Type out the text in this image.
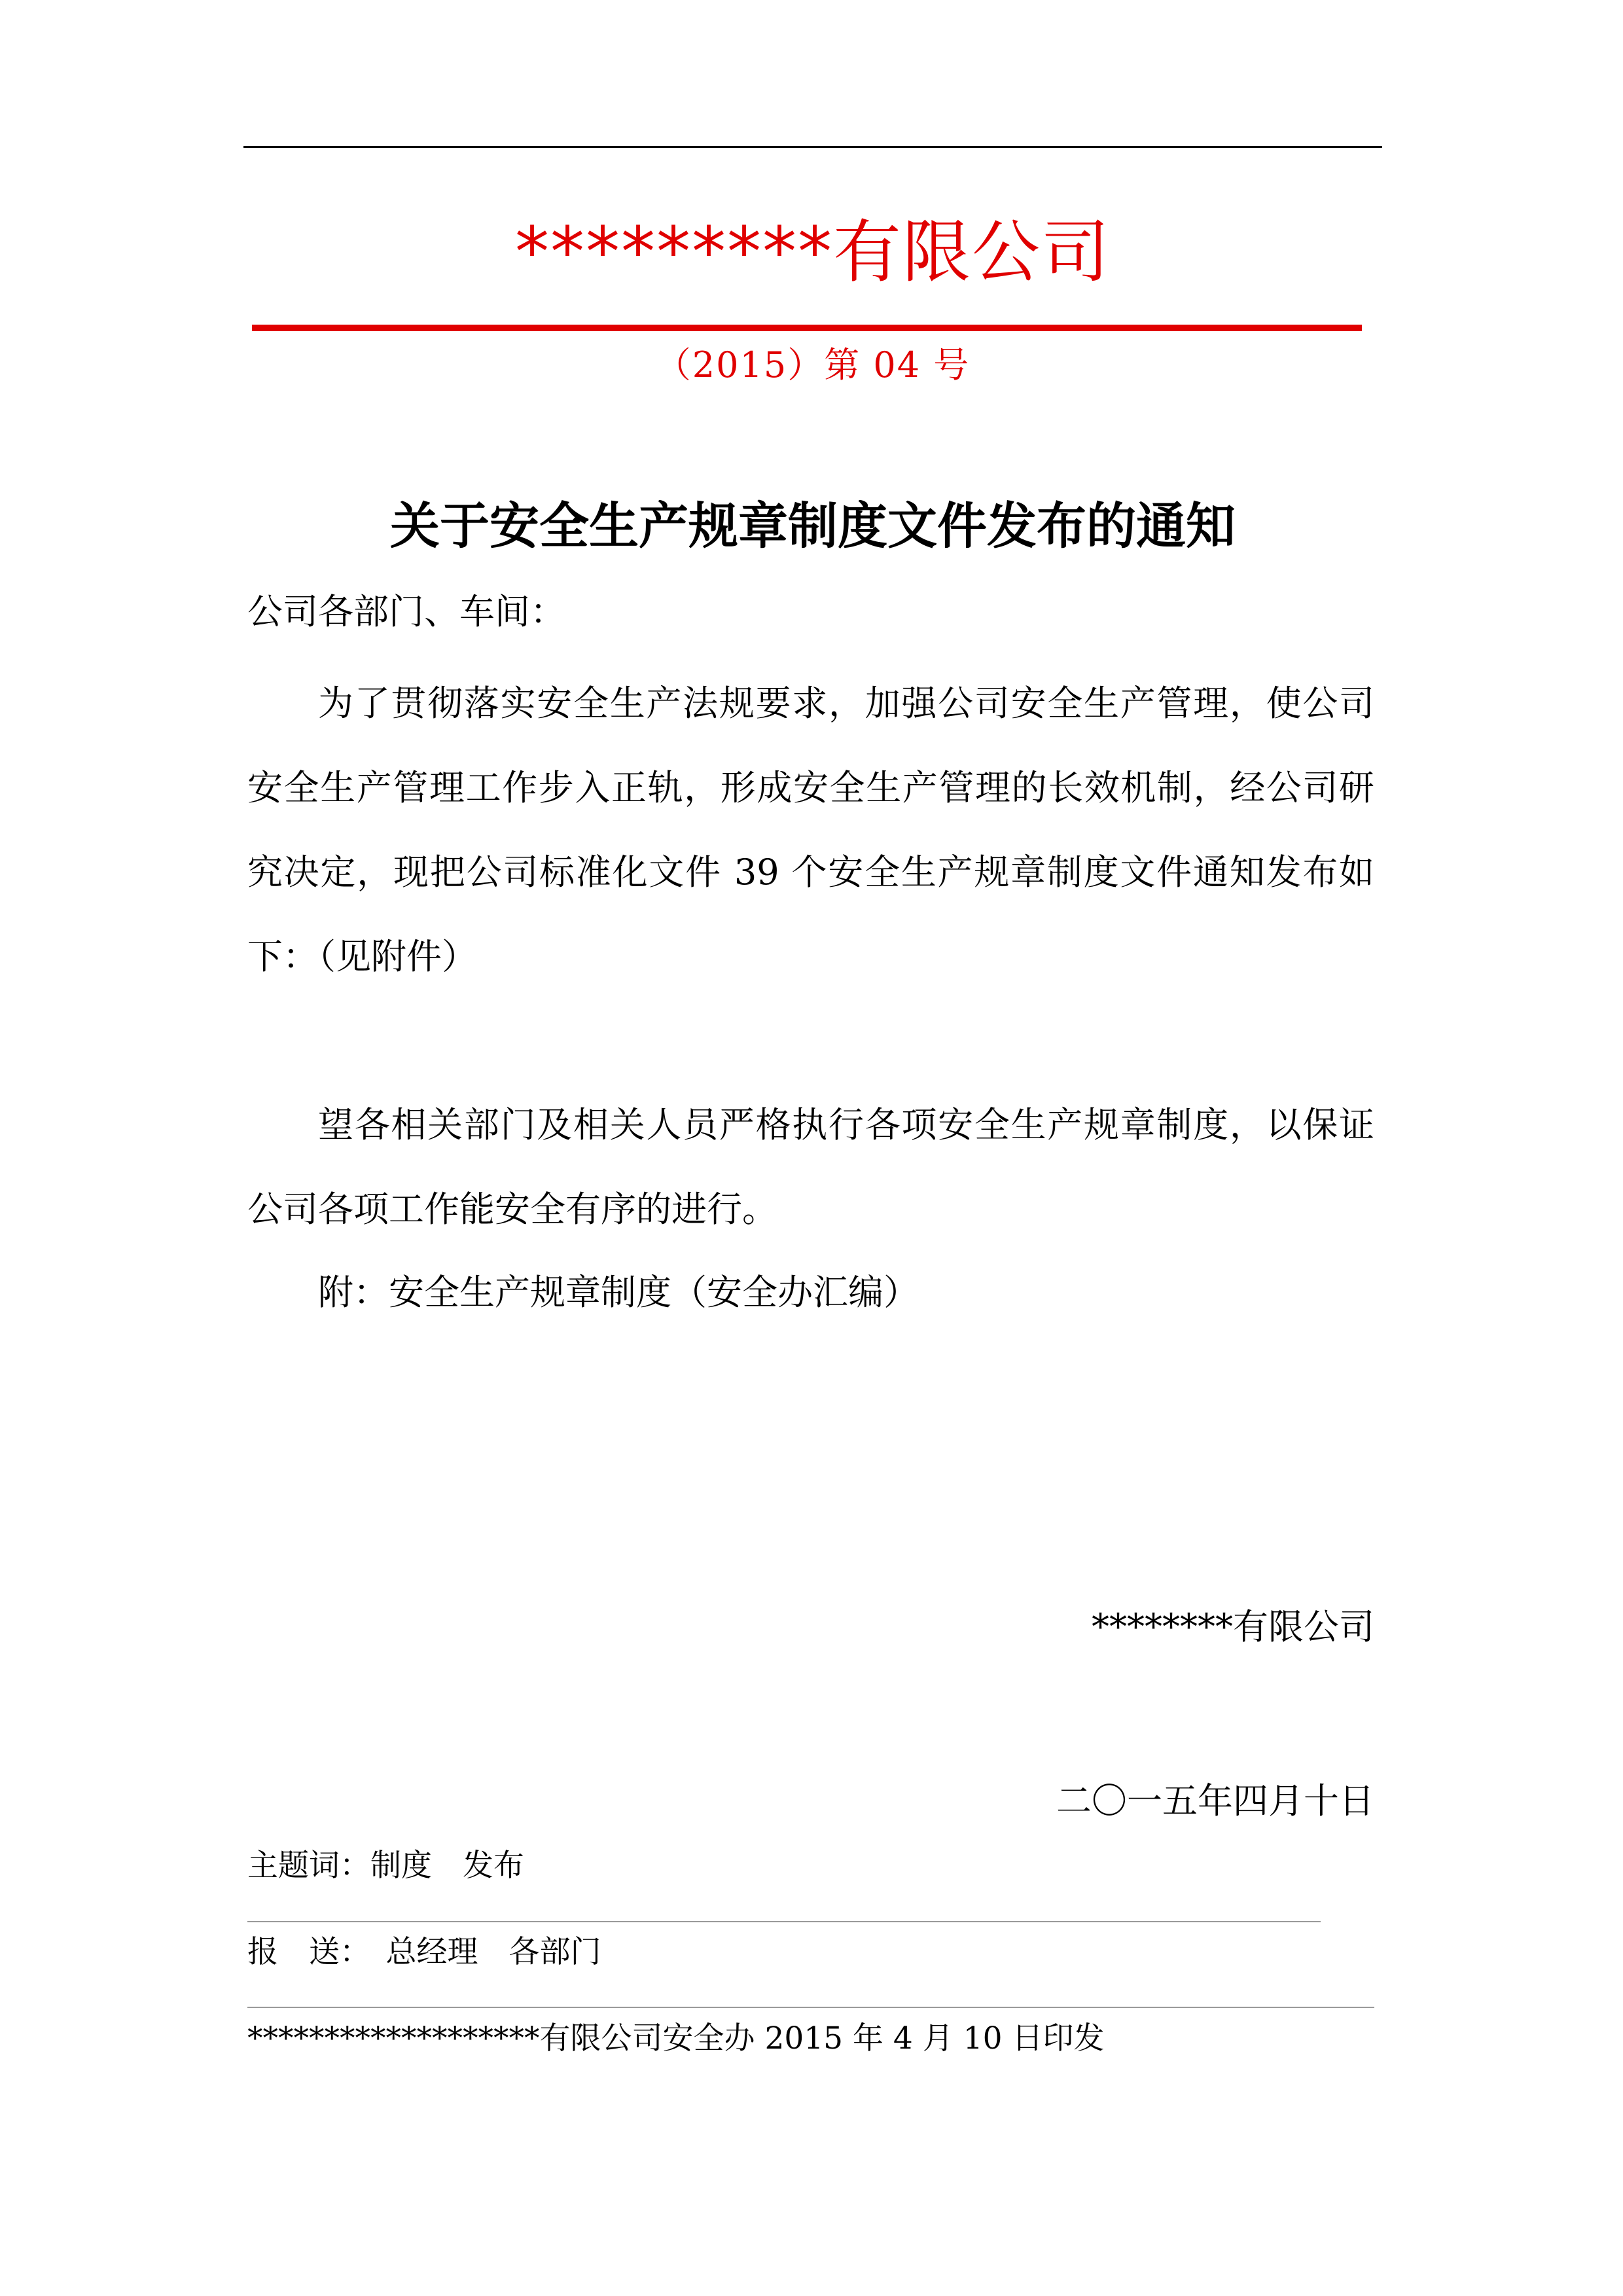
*********有限公司
（2015）第 04 号
关于安全生产规章制度文件发布的通知
公司各部门、车间：
为了贯彻落实安全生产法规要求，加强公司安全生产管理，使公司安全生产管理工作步入正轨，形成安全生产管理的长效机制，经公司研究决定，现把公司标准化文件 39 个安全生产规章制度文件通知发布如下：（见附件）
望各相关部门及相关人员严格执行各项安全生产规章制度，以保证公司各项工作能安全有序的进行。
附：安全生产规章制度（安全办汇编）
********有限公司
二〇一五年四月十日
主题词：制度　发布
报　送：　总经理　各部门
*******************有限公司安全办 2015 年 4 月 10 日印发
